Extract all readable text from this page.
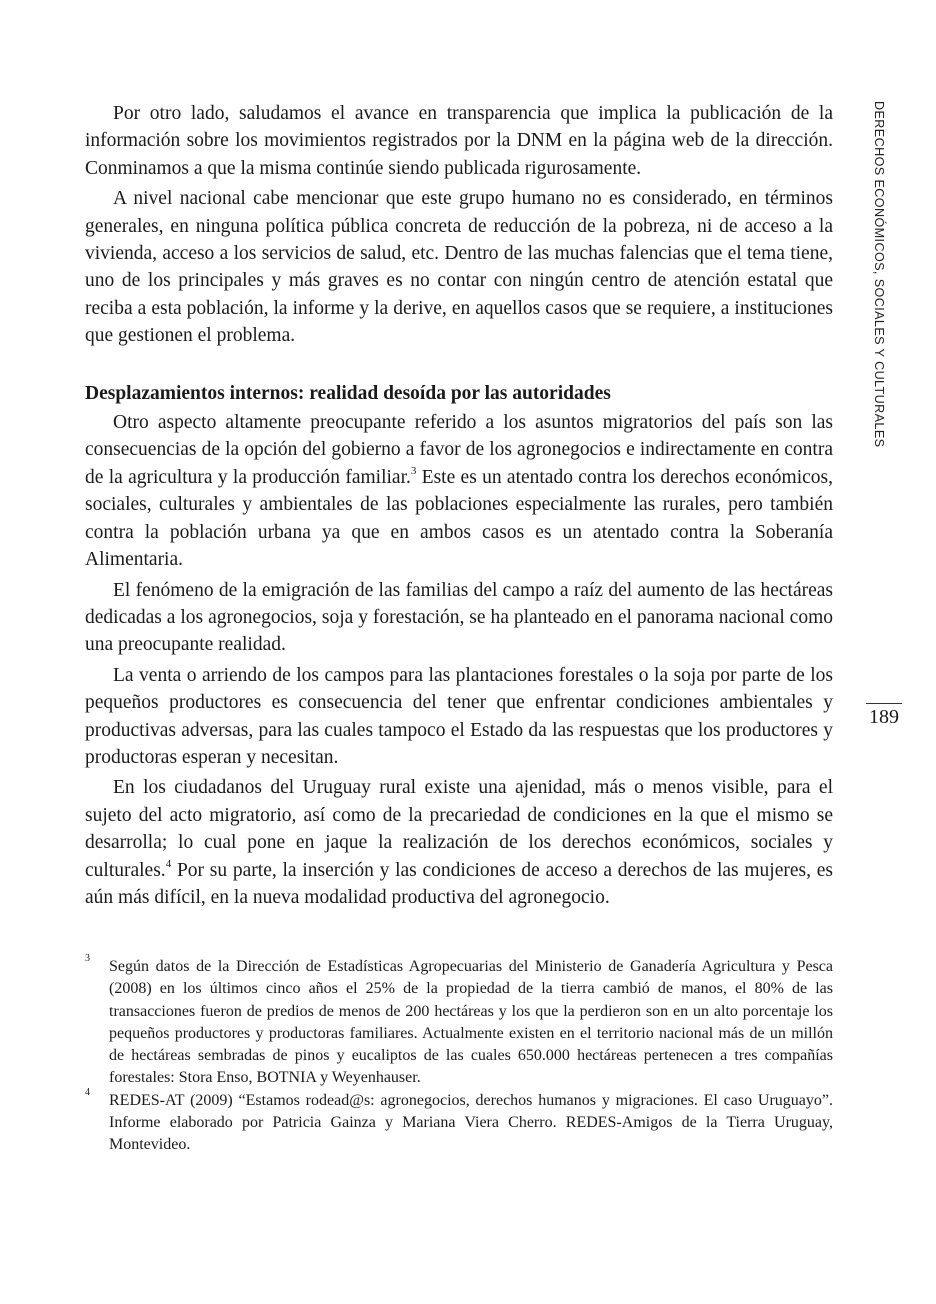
Por otro lado, saludamos el avance en transparencia que implica la publicación de la información sobre los movimientos registrados por la DNM en la página web de la dirección. Conminamos a que la misma continúe siendo publicada rigurosamente.

A nivel nacional cabe mencionar que este grupo humano no es considerado, en términos generales, en ninguna política pública concreta de reducción de la pobreza, ni de acceso a la vivienda, acceso a los servicios de salud, etc. Dentro de las muchas falencias que el tema tiene, uno de los principales y más graves es no contar con ningún centro de atención estatal que reciba a esta población, la informe y la derive, en aquellos casos que se requiere, a instituciones que gestionen el problema.

Desplazamientos internos: realidad desoída por las autoridades

Otro aspecto altamente preocupante referido a los asuntos migratorios del país son las consecuencias de la opción del gobierno a favor de los agronegocios e indirectamente en contra de la agricultura y la producción familiar.$^3$ Este es un atentado contra los derechos económicos, sociales, culturales y ambientales de las poblaciones especialmente las rurales, pero también contra la población urbana ya que en ambos casos es un atentado contra la Soberanía Alimentaria.

El fenómeno de la emigración de las familias del campo a raíz del aumento de las hectáreas dedicadas a los agronegocios, soja y forestación, se ha planteado en el panorama nacional como una preocupante realidad.

La venta o arriendo de los campos para las plantaciones forestales o la soja por parte de los pequeños productores es consecuencia del tener que enfrentar condiciones ambientales y productivas adversas, para las cuales tampoco el Estado da las respuestas que los productores y productoras esperan y necesitan.

En los ciudadanos del Uruguay rural existe una ajenidad, más o menos visible, para el sujeto del acto migratorio, así como de la precariedad de condiciones en la que el mismo se desarrolla; lo cual pone en jaque la realización de los derechos económicos, sociales y culturales.$^4$ Por su parte, la inserción y las condiciones de acceso a derechos de las mujeres, es aún más difícil, en la nueva modalidad productiva del agronegocio.

DERECHOS ECONÓMICOS, SOCIALES Y CULTURALES
189

3 Según datos de la Dirección de Estadísticas Agropecuarias del Ministerio de Ganadería Agricultura y Pesca (2008) en los últimos cinco años el 25% de la propiedad de la tierra cambió de manos, el 80% de las transacciones fueron de predios de menos de 200 hectáreas y los que la perdieron son en un alto porcentaje los pequeños productores y productoras familiares. Actualmente existen en el territorio nacional más de un millón de hectáreas sembradas de pinos y eucaliptos de las cuales 650.000 hectáreas pertenecen a tres compañías forestales: Stora Enso, BOTNIA y Weyenhauser.

4 REDES-AT (2009) “Estamos rodead@s: agronegocios, derechos humanos y migraciones. El caso Uruguayo”. Informe elaborado por Patricia Gainza y Mariana Viera Cherro. REDES-Amigos de la Tierra Uruguay, Montevideo.
